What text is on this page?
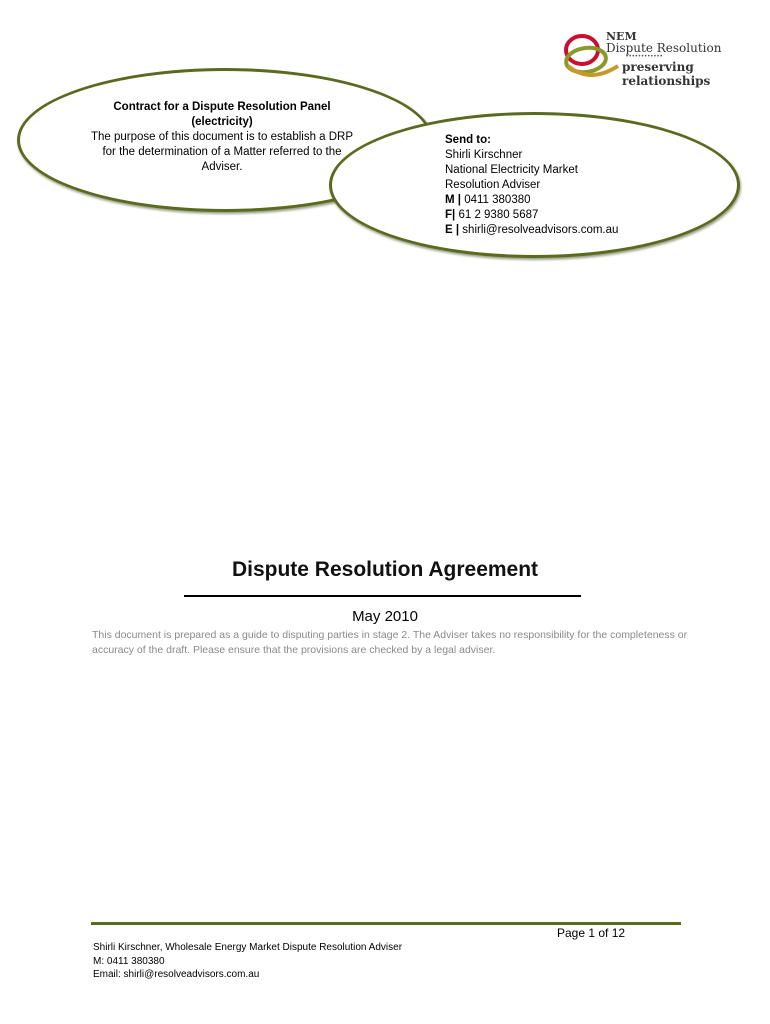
NEM
Dispute Resolution
••••••••••••
preserving relationships
Contract for a Dispute Resolution Panel
(electricity)
The purpose of this document is to establish a DRP
for the determination of a Matter referred to the
Adviser.
Send to:
Shirli Kirschner
National Electricity Market
Resolution Adviser
M | 0411 380380
F| 61 2 9380 5687
E | shirli@resolveadvisors.com.au
Dispute Resolution Agreement
May 2010
This document is prepared as a guide to disputing parties in stage 2. The Adviser takes no responsibility for the completeness or accuracy of the draft. Please ensure that the provisions are checked by a legal adviser.
Page 1 of 12
Shirli Kirschner, Wholesale Energy Market Dispute Resolution Adviser
M: 0411 380380
Email: shirli@resolveadvisors.com.au
